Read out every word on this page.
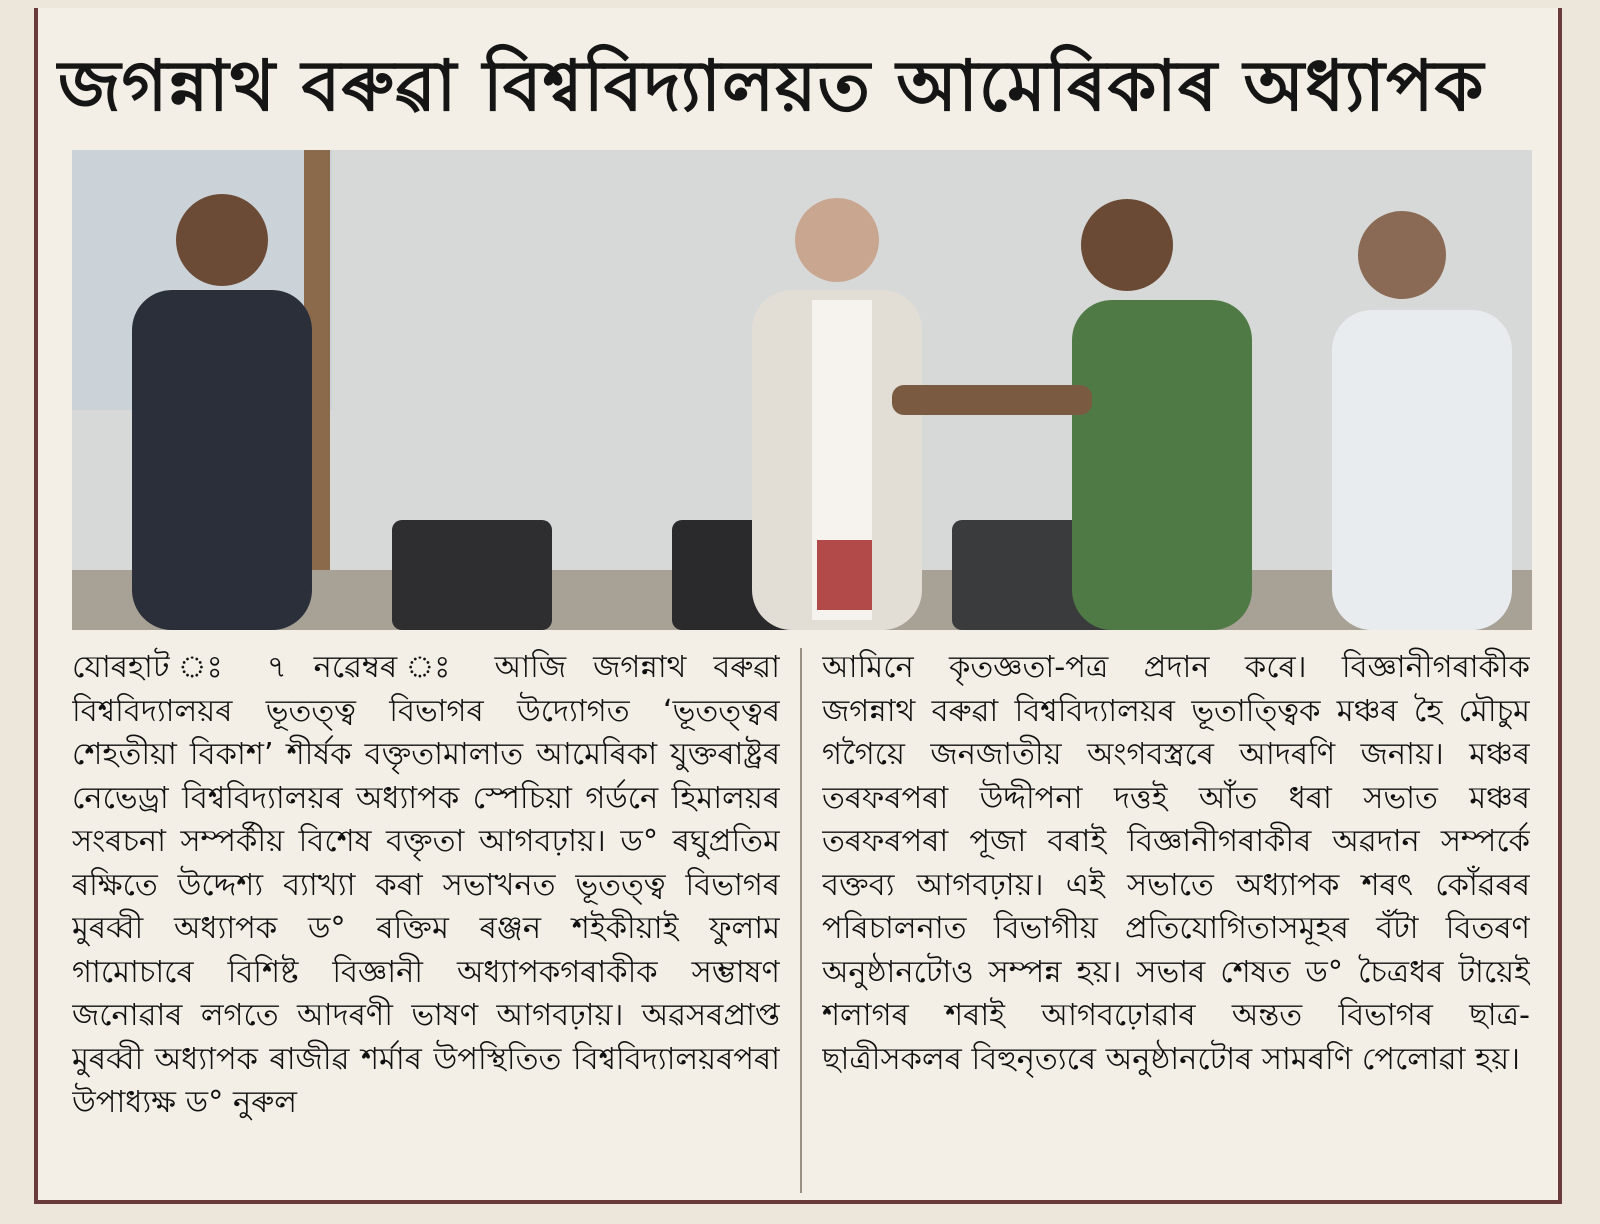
জগন্নাথ বৰুৱা বিশ্ববিদ্যালয়ত আমেৰিকাৰ অধ্যাপক

যোৰহাট ঃ ৭ নৱেম্বৰ ঃ আজি জগন্নাথ বৰুৱা বিশ্ববিদ্যালয়ৰ ভূতত্ত্ব বিভাগৰ উদ্যোগত ‘ভূতত্ত্বৰ শেহতীয়া বিকাশ’ শীৰ্ষক বক্তৃতামালাত আমেৰিকা যুক্তৰাষ্ট্ৰৰ নেভেড্ৰা বিশ্ববিদ্যালয়ৰ অধ্যাপক স্পেচিয়া গৰ্ডনে হিমালয়ৰ সংৰচনা সম্পৰ্কীয় বিশেষ বক্তৃতা আগবঢ়ায়। ড° ৰঘুপ্ৰতিম ৰক্ষিতে উদ্দেশ্য ব্যাখ্যা কৰা সভাখনত ভূতত্ত্ব বিভাগৰ মুৰব্বী অধ্যাপক ড° ৰক্তিম ৰঞ্জন শইকীয়াই ফুলাম গামোচাৰে বিশিষ্ট বিজ্ঞানী অধ্যাপকগৰাকীক সম্ভাষণ জনোৱাৰ লগতে আদৰণী ভাষণ আগবঢ়ায়। অৱসৰপ্ৰাপ্ত মুৰব্বী অধ্যাপক ৰাজীৱ শৰ্মাৰ উপস্থিতিত বিশ্ববিদ্যালয়ৰপৰা উপাধ্যক্ষ ড° নুৰুল

আমিনে কৃতজ্ঞতা-পত্ৰ প্ৰদান কৰে। বিজ্ঞানীগৰাকীক জগন্নাথ বৰুৱা বিশ্ববিদ্যালয়ৰ ভূতাত্ত্বিক মঞ্চৰ হৈ মৌচুম গগৈয়ে জনজাতীয় অংগবস্ত্ৰৰে আদৰণি জনায়। মঞ্চৰ তৰফৰপৰা উদ্দীপনা দত্তই আঁত ধৰা সভাত মঞ্চৰ তৰফৰপৰা পূজা বৰাই বিজ্ঞানীগৰাকীৰ অৱদান সম্পৰ্কে বক্তব্য আগবঢ়ায়। এই সভাতে অধ্যাপক শৰৎ কোঁৱৰৰ পৰিচালনাত বিভাগীয় প্ৰতিযোগিতাসমূহৰ বঁটা বিতৰণ অনুষ্ঠানটোও সম্পন্ন হয়। সভাৰ শেষত ড° চৈত্ৰধৰ টায়েই শলাগৰ শৰাই আগবঢ়োৱাৰ অন্তত বিভাগৰ ছাত্ৰ-ছাত্ৰীসকলৰ বিহুনৃত্যৰে অনুষ্ঠানটোৰ সামৰণি পেলোৱা হয়।
